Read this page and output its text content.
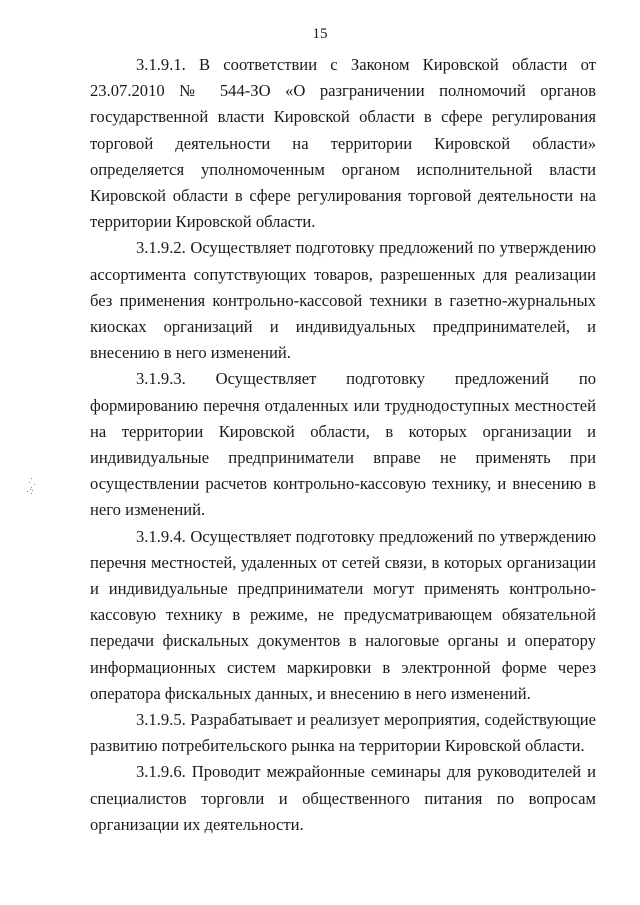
15

3.1.9.1. В соответствии с Законом Кировской области от 23.07.2010 № 544-ЗО «О разграничении полномочий органов государственной власти Кировской области в сфере регулирования торговой деятельности на территории Кировской области» определяется уполномоченным органом исполнительной власти Кировской области в сфере регулирования торговой деятельности на территории Кировской области.

3.1.9.2. Осуществляет подготовку предложений по утверждению ассортимента сопутствующих товаров, разрешенных для реализации без применения контрольно-кассовой техники в газетно-журнальных киосках организаций и индивидуальных предпринимателей, и внесению в него изменений.

3.1.9.3. Осуществляет подготовку предложений по формированию перечня отдаленных или труднодоступных местностей на территории Кировской области, в которых организации и индивидуальные предприниматели вправе не применять при осуществлении расчетов контрольно-кассовую технику, и внесению в него изменений.

3.1.9.4. Осуществляет подготовку предложений по утверждению перечня местностей, удаленных от сетей связи, в которых организации и индивидуальные предприниматели могут применять контрольно-кассовую технику в режиме, не предусматривающем обязательной передачи фискальных документов в налоговые органы и оператору информационных систем маркировки в электронной форме через оператора фискальных данных, и внесению в него изменений.

3.1.9.5. Разрабатывает и реализует мероприятия, содействующие развитию потребительского рынка на территории Кировской области.

3.1.9.6. Проводит межрайонные семинары для руководителей и специалистов торговли и общественного питания по вопросам организации их деятельности.
